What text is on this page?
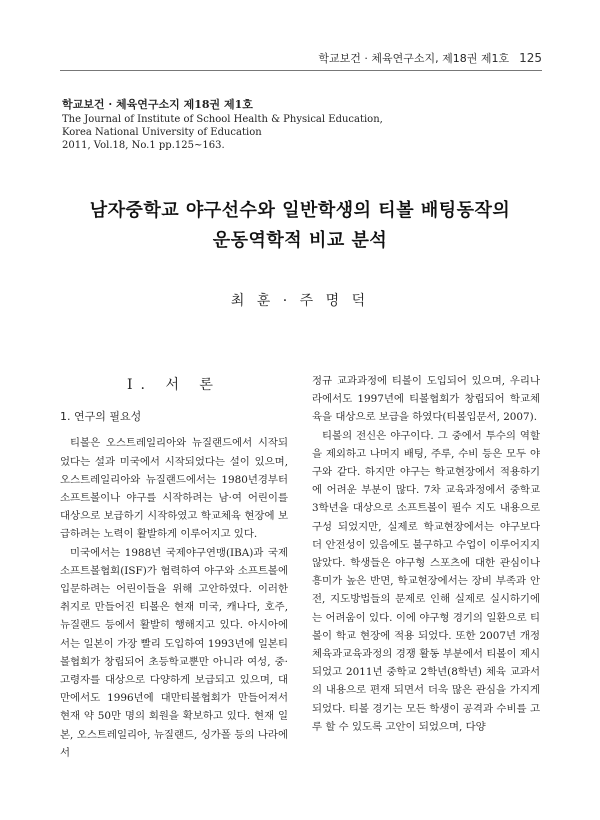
학교보건 · 체육연구소지, 제18권 제1호 125
학교보건 · 체육연구소지 제18권 제1호
The Journal of Institute of School Health & Physical Education,
Korea National University of Education
2011, Vol.18, No.1 pp.125~163.
남자중학교 야구선수와 일반학생의 티볼 배팅동작의
운동역학적 비교 분석
최 훈 · 주 명 덕
Ⅰ. 서 론
1. 연구의 필요성

티볼은 오스트레일리아와 뉴질랜드에서 시작되었다는 설과 미국에서 시작되었다는 설이 있으며, 오스트레일리아와 뉴질랜드에서는 1980년경부터 소프트볼이나 야구를 시작하려는 남·여 어린이를 대상으로 보급하기 시작하였고 학교체육 현장에 보급하려는 노력이 활발하게 이루어지고 있다.

미국에서는 1988년 국제야구연맹(IBA)과 국제소프트볼협회(ISF)가 협력하여 야구와 소프트볼에 입문하려는 어린이들을 위해 고안하였다. 이러한 취지로 만들어진 티볼은 현재 미국, 캐나다, 호주, 뉴질랜드 등에서 활발히 행해지고 있다. 아시아에서는 일본이 가장 빨리 도입하여 1993년에 일본티볼협회가 창립되어 초등학교뿐만 아니라 여성, 중·고령자를 대상으로 다양하게 보급되고 있으며, 대만에서도 1996년에 대만티볼협회가 만들어져서 현재 약 50만 명의 회원을 확보하고 있다. 현재 일본, 오스트레일리아, 뉴질랜드, 싱가폴 등의 나라에서

정규 교과과정에 티볼이 도입되어 있으며, 우리나라에서도 1997년에 티볼협회가 창립되어 학교체육을 대상으로 보급을 하였다(티볼입문서, 2007).

티볼의 전신은 야구이다. 그 중에서 투수의 역할을 제외하고 나머지 배팅, 주루, 수비 등은 모두 야구와 같다. 하지만 야구는 학교현장에서 적용하기에 어려운 부분이 많다. 7차 교육과정에서 중학교 3학년을 대상으로 소프트볼이 필수 지도 내용으로 구성 되었지만, 실제로 학교현장에서는 야구보다 더 안전성이 있음에도 불구하고 수업이 이루어지지 않았다. 학생들은 야구형 스포츠에 대한 관심이나 흥미가 높은 반면, 학교현장에서는 장비 부족과 안전, 지도방법들의 문제로 인해 실제로 실시하기에는 어려움이 있다. 이에 야구형 경기의 일환으로 티볼이 학교 현장에 적용 되었다. 또한 2007년 개정 체육과교육과정의 경쟁 활동 부분에서 티볼이 제시되었고 2011년 중학교 2학년(8학년) 체육 교과서의 내용으로 편재 되면서 더욱 많은 관심을 가지게 되었다. 티볼 경기는 모든 학생이 공격과 수비를 고루 할 수 있도록 고안이 되었으며, 다양
